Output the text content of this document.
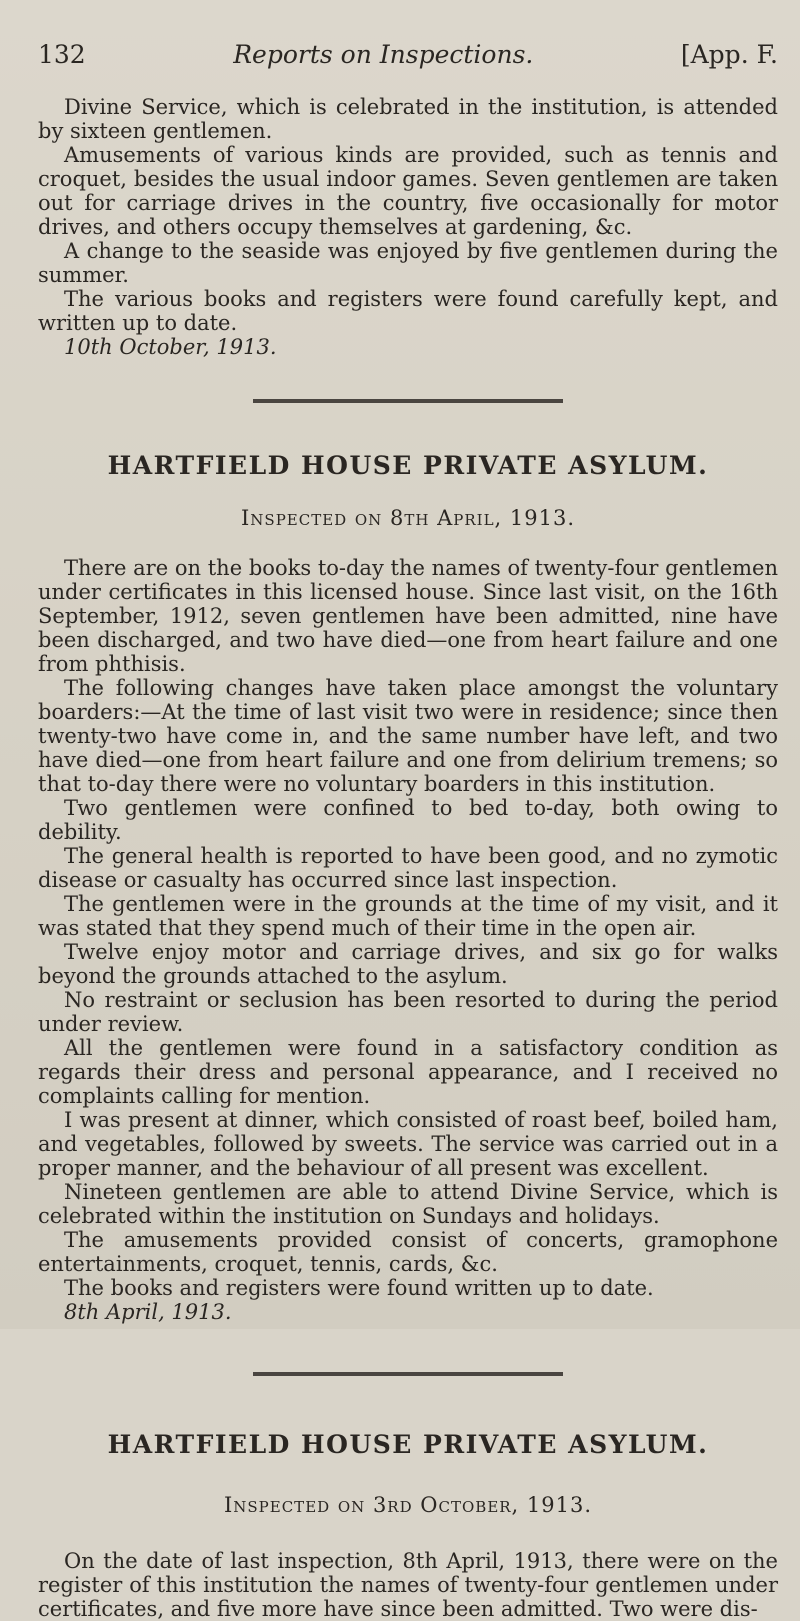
132	Reports on Inspections.	[App. F.

Divine Service, which is celebrated in the institution, is attended by sixteen gentlemen.

Amusements of various kinds are provided, such as tennis and croquet, besides the usual indoor games. Seven gentlemen are taken out for carriage drives in the country, five occasionally for motor drives, and others occupy themselves at gardening, &c.

A change to the seaside was enjoyed by five gentlemen during the summer.

The various books and registers were found carefully kept, and written up to date.

10th October, 1913.

HARTFIELD HOUSE PRIVATE ASYLUM.
Inspected on 8th April, 1913.

There are on the books to-day the names of twenty-four gentlemen under certificates in this licensed house. Since last visit, on the 16th September, 1912, seven gentlemen have been admitted, nine have been discharged, and two have died—one from heart failure and one from phthisis.

The following changes have taken place amongst the voluntary boarders:—At the time of last visit two were in residence; since then twenty-two have come in, and the same number have left, and two have died—one from heart failure and one from delirium tremens; so that to-day there were no voluntary boarders in this institution.

Two gentlemen were confined to bed to-day, both owing to debility.

The general health is reported to have been good, and no zymotic disease or casualty has occurred since last inspection.

The gentlemen were in the grounds at the time of my visit, and it was stated that they spend much of their time in the open air.

Twelve enjoy motor and carriage drives, and six go for walks beyond the grounds attached to the asylum.

No restraint or seclusion has been resorted to during the period under review.

All the gentlemen were found in a satisfactory condition as regards their dress and personal appearance, and I received no complaints calling for mention.

I was present at dinner, which consisted of roast beef, boiled ham, and vegetables, followed by sweets. The service was carried out in a proper manner, and the behaviour of all present was excellent.

Nineteen gentlemen are able to attend Divine Service, which is celebrated within the institution on Sundays and holidays.

The amusements provided consist of concerts, gramophone entertainments, croquet, tennis, cards, &c.

The books and registers were found written up to date.

8th April, 1913.

HARTFIELD HOUSE PRIVATE ASYLUM.
Inspected on 3rd October, 1913.

On the date of last inspection, 8th April, 1913, there were on the register of this institution the names of twenty-four gentlemen under certificates, and five more have since been admitted. Two were dis-
